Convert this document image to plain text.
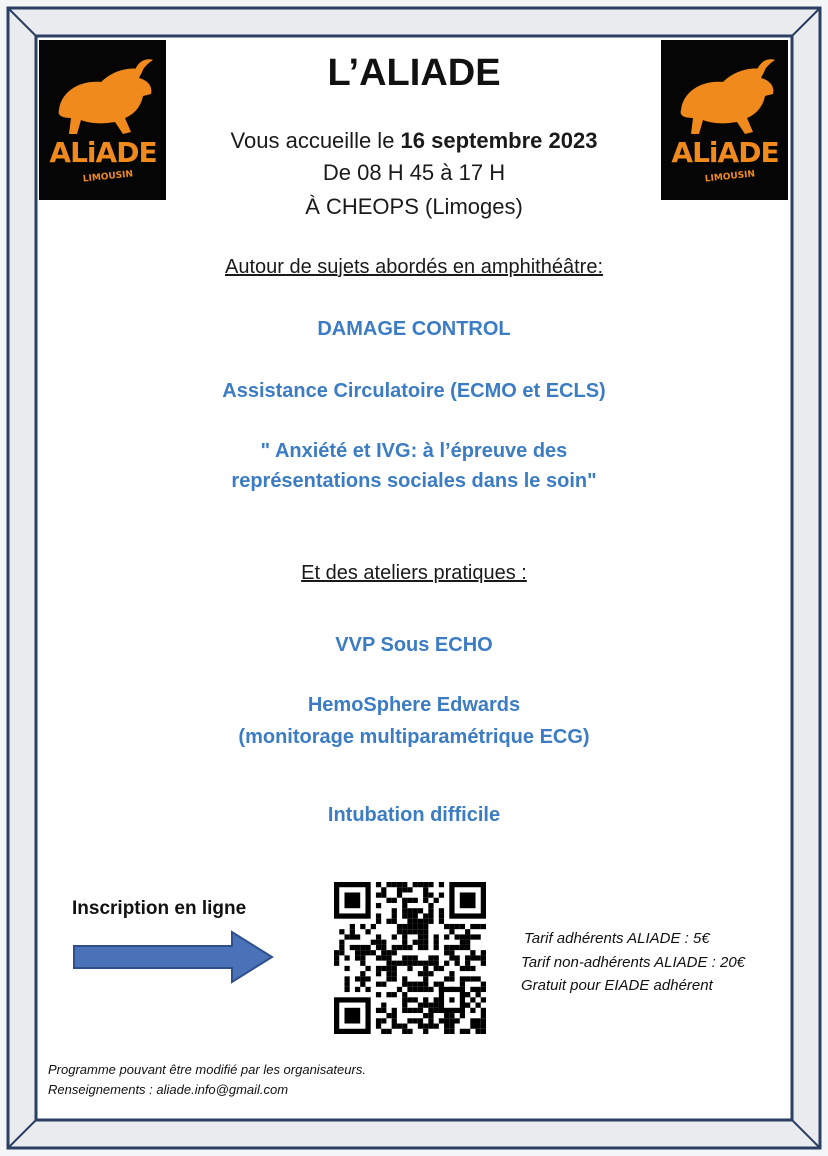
ALiADE
LIMOUSIN
ALiADE
LIMOUSIN
L’ALIADE
Vous accueille le 16 septembre 2023
De 08 H 45 à 17 H
À CHEOPS (Limoges)
Autour de sujets abordés en amphithéâtre:
DAMAGE CONTROL
Assistance Circulatoire (ECMO et ECLS)
" Anxiété et IVG: à l’épreuve des
représentations sociales dans le soin"
Et des ateliers pratiques :
VVP Sous ECHO
HemoSphere Edwards
(monitorage multiparamétrique ECG)
Intubation difficile
Inscription en ligne
Tarif adhérents ALIADE : 5€
Tarif non-adhérents ALIADE : 20€
Gratuit pour EIADE adhérent
Programme pouvant être modifié par les organisateurs.
Renseignements : aliade.info@gmail.com
